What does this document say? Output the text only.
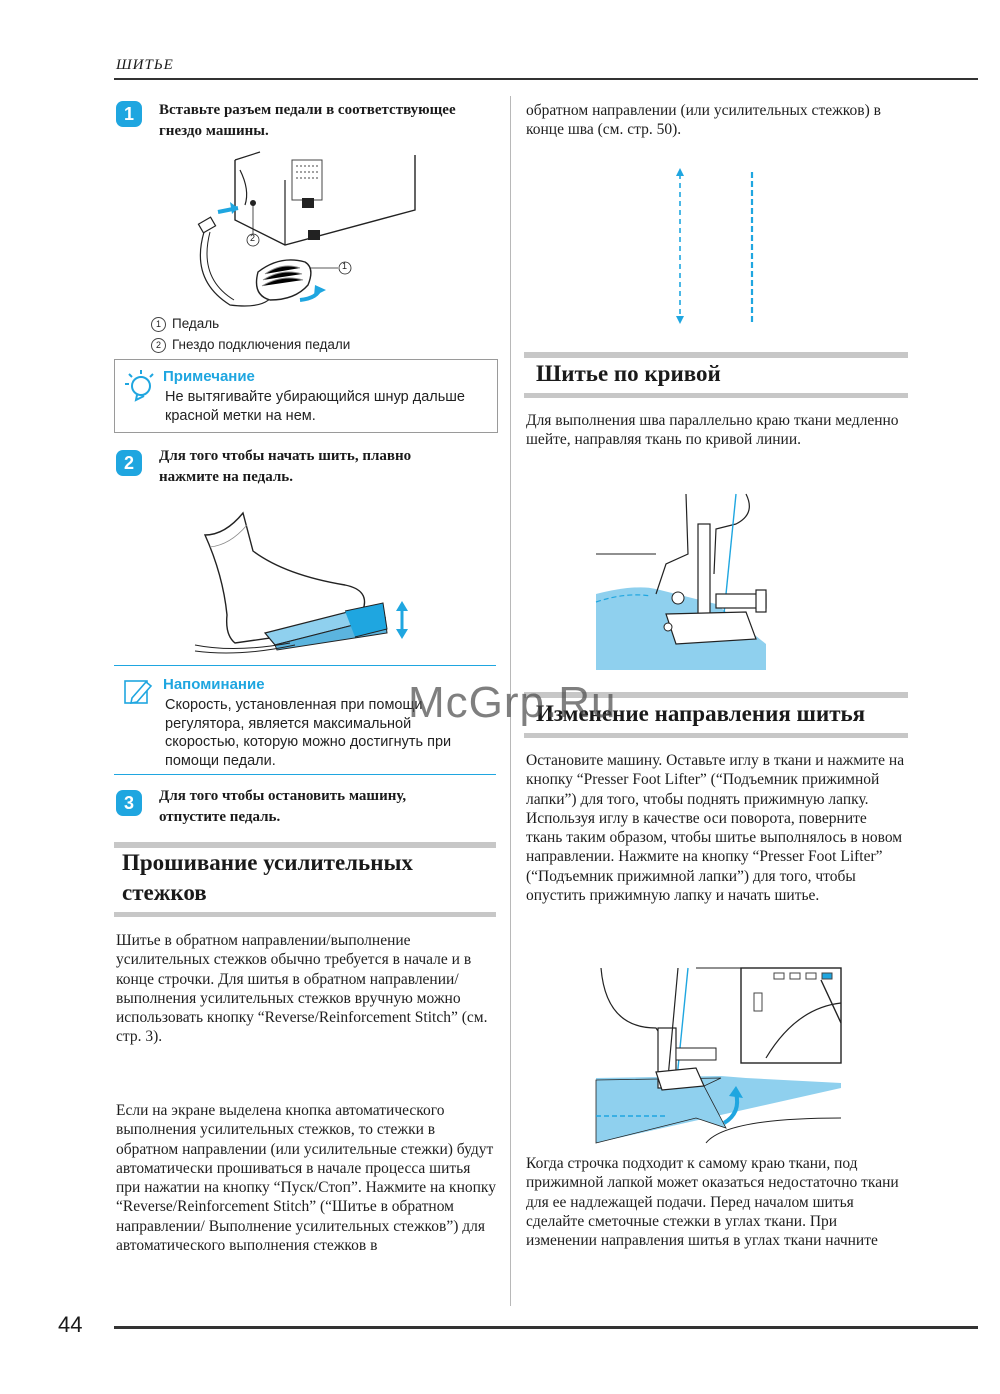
ШИТЬЕ
1	Вставьте разъем педали в соответствующее гнездо машины.
1
2
1 Педаль
2 Гнездо подключения педали
Примечание
Не вытягивайте убирающийся шнур дальше красной метки на нем.
2	Для того чтобы начать шить, плавно нажмите на педаль.
Напоминание
Скорость, установленная при помощи регулятора, является максимальной скоростью, которую можно достигнуть при помощи педали.
3	Для того чтобы остановить машину, отпустите педаль.
Прошивание усилительных стежков
Шитье в обратном направлении/выполнение усилительных стежков обычно требуется в начале и в конце строчки. Для шитья в обратном направлении/выполнения усилительных стежков вручную можно использовать кнопку “Reverse/Reinforcement Stitch” (см. стр. 3).
Если на экране выделена кнопка автоматического выполнения усилительных стежков, то стежки в обратном направлении (или усилительные стежки) будут автоматически прошиваться в начале процесса шитья при нажатии на кнопку “Пуск/Стоп”. Нажмите на кнопку “Reverse/Reinforcement Stitch” (“Шитье в обратном направлении/ Выполнение усилительных стежков”) для автоматического выполнения стежков в
обратном направлении (или усилительных стежков) в конце шва (см. стр. 50).
Шитье по кривой
Для выполнения шва параллельно краю ткани медленно шейте, направляя ткань по кривой линии.
Изменение направления шитья
Остановите машину. Оставьте иглу в ткани и нажмите на кнопку “Presser Foot Lifter” (“Подъемник прижимной лапки”) для того, чтобы поднять прижимную лапку. Используя иглу в качестве оси поворота, поверните ткань таким образом, чтобы шитье выполнялось в новом направлении. Нажмите на кнопку “Presser Foot Lifter” (“Подъемник прижимной лапки”) для того, чтобы опустить прижимную лапку и начать шитье.
Когда строчка подходит к самому краю ткани, под прижимной лапкой может оказаться недостаточно ткани для ее надлежащей подачи. Перед началом шитья сделайте сметочные стежки в углах ткани. При изменении направления шитья в углах ткани начните
McGrp.Ru
44
